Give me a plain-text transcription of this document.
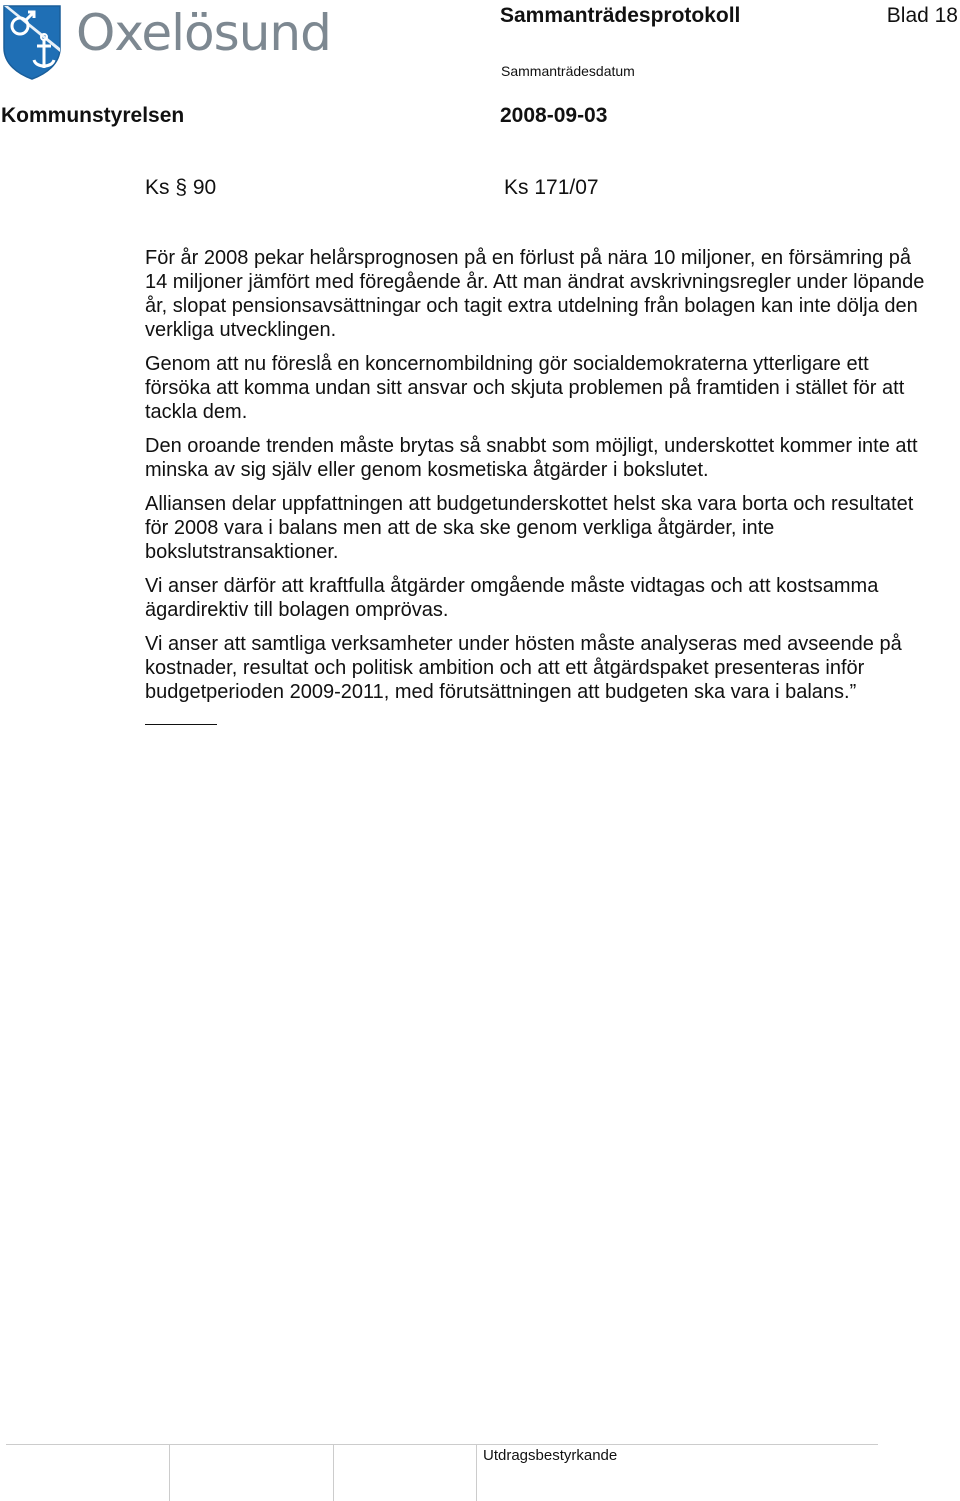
Oxelösund	Sammanträdesprotokoll	Blad 18
Sammanträdesdatum
Kommunstyrelsen	2008-09-03
Ks § 90	Ks 171/07

För år 2008 pekar helårsprognosen på en förlust på nära 10 miljoner, en försämring på 14 miljoner jämfört med föregående år. Att man ändrat avskrivningsregler under löpande år, slopat pensionsavsättningar och tagit extra utdelning från bolagen kan inte dölja den verkliga utvecklingen.

Genom att nu föreslå en koncernombildning gör socialdemokraterna ytterligare ett försöka att komma undan sitt ansvar och skjuta problemen på framtiden i stället för att tackla dem.

Den oroande trenden måste brytas så snabbt som möjligt, underskottet kommer inte att minska av sig själv eller genom kosmetiska åtgärder i bokslutet.

Alliansen delar uppfattningen att budgetunderskottet helst ska vara borta och resultatet för 2008 vara i balans men att de ska ske genom verkliga åtgärder, inte bokslutstransaktioner.

Vi anser därför att kraftfulla åtgärder omgående måste vidtagas och att kostsamma ägardirektiv till bolagen omprövas.

Vi anser att samtliga verksamheter under hösten måste analyseras med avseende på kostnader, resultat och politisk ambition och att ett åtgärdspaket presenteras inför budgetperioden 2009-2011, med förutsättningen att budgeten ska vara i balans.”

Utdragsbestyrkande
